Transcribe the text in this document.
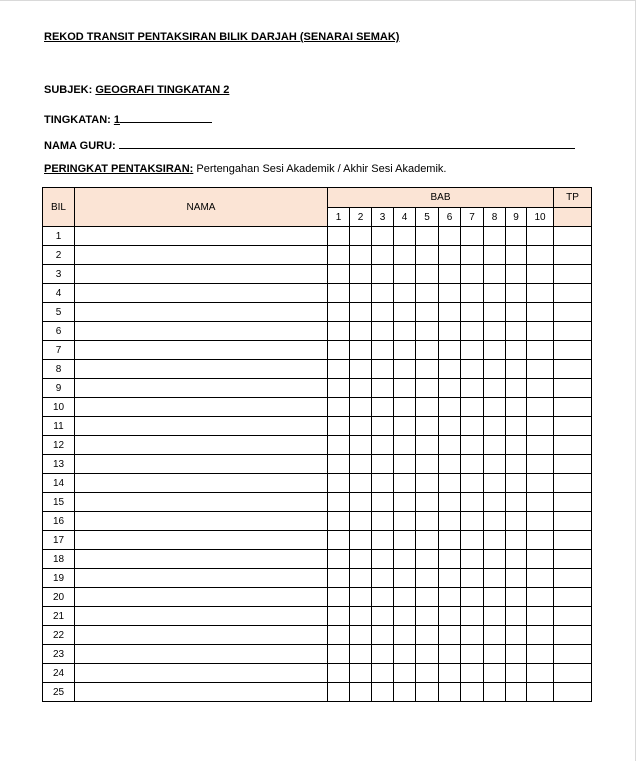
REKOD TRANSIT PENTAKSIRAN BILIK DARJAH (SENARAI SEMAK)
SUBJEK: GEOGRAFI TINGKATAN 2
TINGKATAN: 1
NAMA GURU:
PERINGKAT PENTAKSIRAN: Pertengahan Sesi Akademik / Akhir Sesi Akademik.
BIL	NAMA	BAB										TP
		1	2	3	4	5	6	7	8	9	10	
1												
2												
3												
4												
5												
6												
7												
8												
9												
10												
11												
12												
13												
14												
15												
16												
17												
18												
19												
20												
21												
22												
23												
24												
25												
